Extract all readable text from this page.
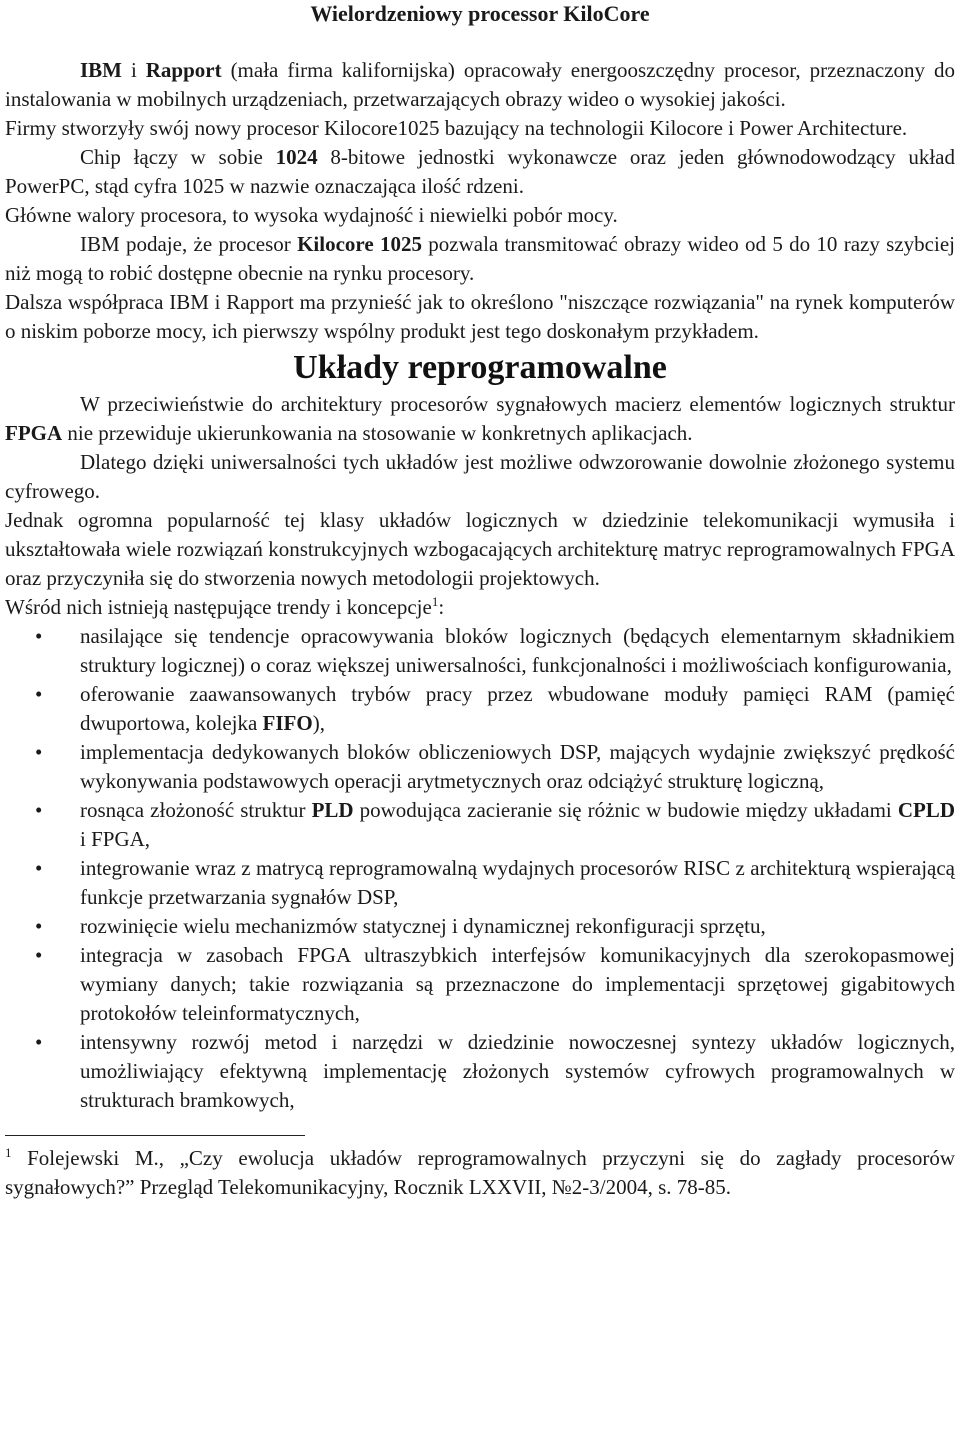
Wielordzeniowy processor KiloCore

IBM i Rapport (mała firma kalifornijska) opracowały energooszczędny procesor, przeznaczony do instalowania w mobilnych urządzeniach, przetwarzających obrazy wideo o wysokiej jakości.

Firmy stworzyły swój nowy procesor Kilocore1025 bazujący na technologii Kilocore i Power Architecture.

Chip łączy w sobie 1024 8-bitowe jednostki wykonawcze oraz jeden głównodowodzący układ PowerPC, stąd cyfra 1025 w nazwie oznaczająca ilość rdzeni.

Główne walory procesora, to wysoka wydajność i niewielki pobór mocy.

IBM podaje, że procesor Kilocore 1025 pozwala transmitować obrazy wideo od 5 do 10 razy szybciej niż mogą to robić dostępne obecnie na rynku procesory.

Dalsza współpraca IBM i Rapport ma przynieść jak to określono "niszczące rozwiązania" na rynek komputerów o niskim poborze mocy, ich pierwszy wspólny produkt jest tego doskonałym przykładem.

Układy reprogramowalne

W przeciwieństwie do architektury procesorów sygnałowych macierz elementów logicznych struktur FPGA nie przewiduje ukierunkowania na stosowanie w konkretnych aplikacjach.

Dlatego dzięki uniwersalności tych układów jest możliwe odwzorowanie dowolnie złożonego systemu cyfrowego.

Jednak ogromna popularność tej klasy układów logicznych w dziedzinie telekomunikacji wymusiła i ukształtowała wiele rozwiązań konstrukcyjnych wzbogacających architekturę matryc reprogramowalnych FPGA oraz przyczyniła się do stworzenia nowych metodologii projektowych.

Wśród nich istnieją następujące trendy i koncepcje$^1$:

• nasilające się tendencje opracowywania bloków logicznych (będących elementarnym składnikiem struktury logicznej) o coraz większej uniwersalności, funkcjonalności i możliwościach konfigurowania,
• oferowanie zaawansowanych trybów pracy przez wbudowane moduły pamięci RAM (pamięć dwuportowa, kolejka FIFO),
• implementacja dedykowanych bloków obliczeniowych DSP, mających wydajnie zwiększyć prędkość wykonywania podstawowych operacji arytmetycznych oraz odciążyć strukturę logiczną,
• rosnąca złożoność struktur PLD powodująca zacieranie się różnic w budowie między układami CPLD i FPGA,
• integrowanie wraz z matrycą reprogramowalną wydajnych procesorów RISC z architekturą wspierającą funkcje przetwarzania sygnałów DSP,
• rozwinięcie wielu mechanizmów statycznej i dynamicznej rekonfiguracji sprzętu,
• integracja w zasobach FPGA ultraszybkich interfejsów komunikacyjnych dla szerokopasmowej wymiany danych; takie rozwiązania są przeznaczone do implementacji sprzętowej gigabitowych protokołów teleinformatycznych,
• intensywny rozwój metod i narzędzi w dziedzinie nowoczesnej syntezy układów logicznych, umożliwiający efektywną implementację złożonych systemów cyfrowych programowalnych w strukturach bramkowych,

$^1$ Folejewski M., „Czy ewolucja układów reprogramowalnych przyczyni się do zagłady procesorów sygnałowych?” Przegląd Telekomunikacyjny, Rocznik LXXVII, №2-3/2004, s. 78-85.
